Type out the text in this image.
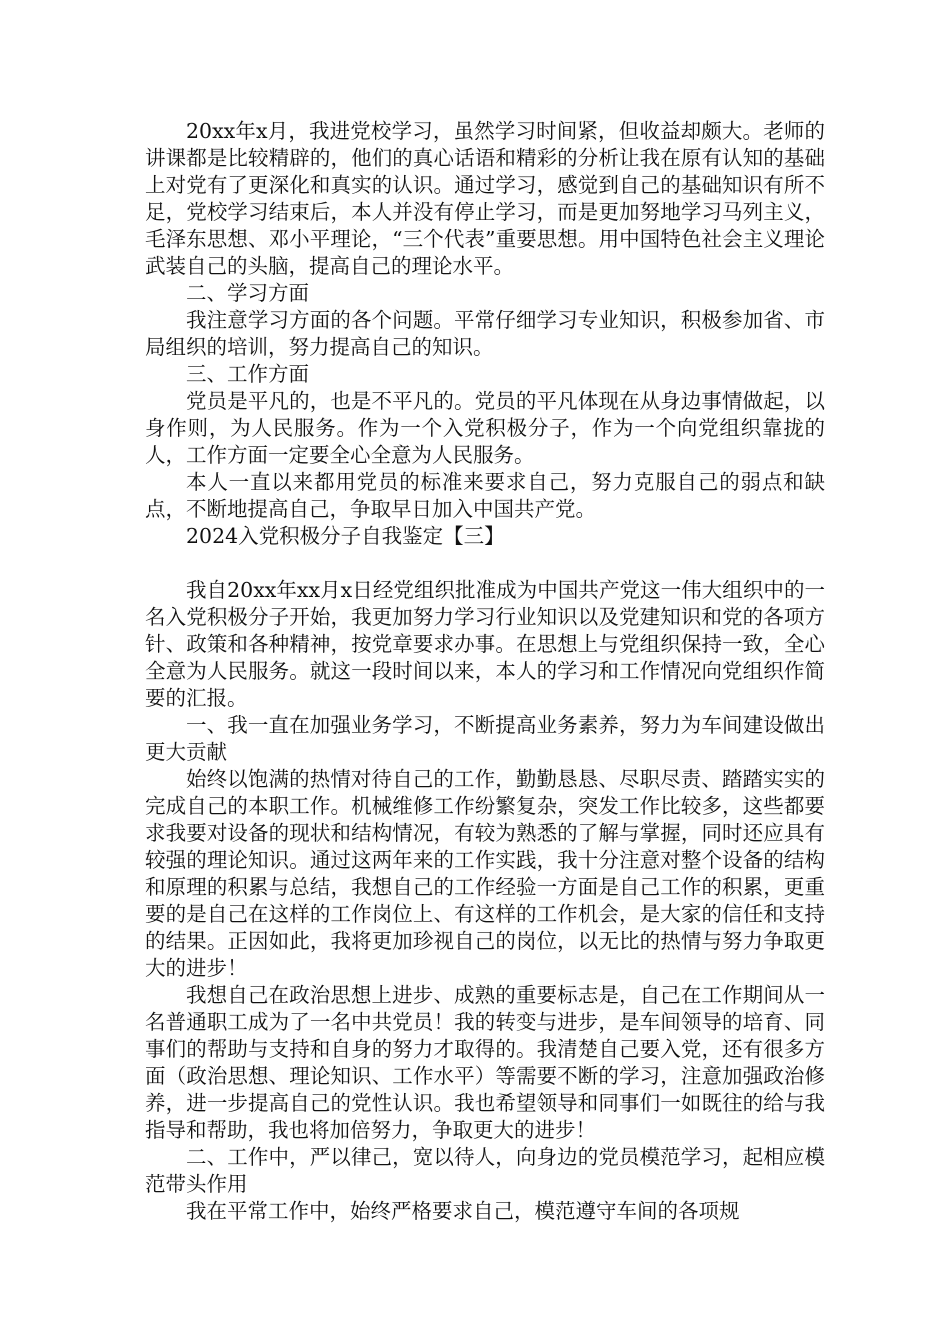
20xx年x月，我进党校学习，虽然学习时间紧，但收益却颇大。老师的讲课都是比较精辟的，他们的真心话语和精彩的分析让我在原有认知的基础上对党有了更深化和真实的认识。通过学习，感觉到自己的基础知识有所不足，党校学习结束后，本人并没有停止学习，而是更加努地学习马列主义，毛泽东思想、邓小平理论，“三个代表”重要思想。用中国特色社会主义理论武装自己的头脑，提高自己的理论水平。

二、学习方面

我注意学习方面的各个问题。平常仔细学习专业知识，积极参加省、市局组织的培训，努力提高自己的知识。

三、工作方面

党员是平凡的，也是不平凡的。党员的平凡体现在从身边事情做起，以身作则，为人民服务。作为一个入党积极分子，作为一个向党组织靠拢的人，工作方面一定要全心全意为人民服务。

本人一直以来都用党员的标准来要求自己，努力克服自己的弱点和缺点，不断地提高自己，争取早日加入中国共产党。

2024入党积极分子自我鉴定【三】

我自20xx年xx月x日经党组织批准成为中国共产党这一伟大组织中的一名入党积极分子开始，我更加努力学习行业知识以及党建知识和党的各项方针、政策和各种精神，按党章要求办事。在思想上与党组织保持一致，全心全意为人民服务。就这一段时间以来，本人的学习和工作情况向党组织作简要的汇报。

一、我一直在加强业务学习，不断提高业务素养，努力为车间建设做出更大贡献

始终以饱满的热情对待自己的工作，勤勤恳恳、尽职尽责、踏踏实实的完成自己的本职工作。机械维修工作纷繁复杂，突发工作比较多，这些都要求我要对设备的现状和结构情况，有较为熟悉的了解与掌握，同时还应具有较强的理论知识。通过这两年来的工作实践，我十分注意对整个设备的结构和原理的积累与总结，我想自己的工作经验一方面是自己工作的积累，更重要的是自己在这样的工作岗位上、有这样的工作机会，是大家的信任和支持的结果。正因如此，我将更加珍视自己的岗位，以无比的热情与努力争取更大的进步！

我想自己在政治思想上进步、成熟的重要标志是，自己在工作期间从一名普通职工成为了一名中共党员！我的转变与进步，是车间领导的培育、同事们的帮助与支持和自身的努力才取得的。我清楚自己要入党，还有很多方面（政治思想、理论知识、工作水平）等需要不断的学习，注意加强政治修养，进一步提高自己的党性认识。我也希望领导和同事们一如既往的给与我指导和帮助，我也将加倍努力，争取更大的进步！

二、工作中，严以律己，宽以待人，向身边的党员模范学习，起相应模范带头作用

我在平常工作中，始终严格要求自己，模范遵守车间的各项规
